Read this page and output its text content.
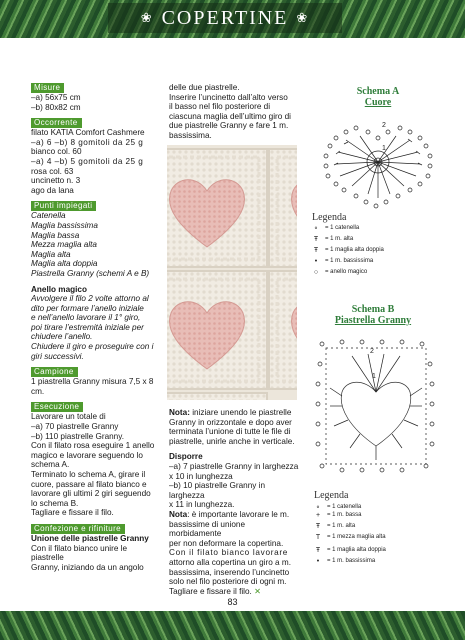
❀ COPERTINE ❀
Misure
–a) 56x75 cm
–b) 80x82 cm
Occorrente
filato KATIA Comfort Cashmere
–a) 6 –b) 8 gomitoli da 25 g
bianco col. 60
–a) 4 –b) 5 gomitoli da 25 g
rosa col. 63
uncinetto n. 3
ago da lana
Punti impiegati
Catenella
Maglia bassissima
Maglia bassa
Mezza maglia alta
Maglia alta
Maglia alta doppia
Piastrella Granny (schemi A e B)
Anello magico
Avvolgere il filo 2 volte attorno al
dito per formare l’anello iniziale
e nell’anello lavorare il 1° giro,
poi tirare l’estremità iniziale per
chiudere l’anello.
Chiudere il giro e proseguire con i
giri successivi.
Campione
1 piastrella Granny misura 7,5 x 8
cm.
Esecuzione
Lavorare un totale di
–a) 70 piastrelle Granny
–b) 110 piastrelle Granny.
Con il filato rosa eseguire 1 anello
magico e lavorare seguendo lo
schema A.
Terminato lo schema A, girare il
cuore, passare al filato bianco e
lavorare gli ultimi 2 giri seguendo
lo schema B.
Tagliare e fissare il filo.
Confezione e rifiniture
Unione delle piastrelle Granny
Con il filato bianco unire le piastrelle
Granny, iniziando da un angolo
delle due piastrelle.
Inserire l’uncinetto dall’alto verso
il basso nel filo posteriore di
ciascuna maglia dell’ultimo giro di
due piastrelle Granny e fare 1 m.
bassissima.
Nota: iniziare unendo le piastrelle
Granny in orizzontale e dopo aver
terminata l’unione di tutte le file di
piastrelle, unirle anche in verticale.
Disporre
–a) 7 piastrelle Granny in larghezza
x 10 in lunghezza
–b) 10 piastrelle Granny in larghezza
x 11 in lunghezza.
Nota: è importante lavorare le m.
bassissime di unione morbidamente
per non deformare la copertina.
Con il filato bianco lavorare
attorno alla copertina un giro a m.
bassissima, inserendo l’uncinetto
solo nel filo posteriore di ogni m.
Tagliare e fissare il filo. ✕
Schema A
Cuore
2
1
Legenda
∘	= 1 catenella
Ŧ	= 1 m. alta
Ŧ	= 1 maglia alta doppia
•	= 1 m. bassissima
○	= anello magico
Schema B
Piastrella Granny
2
1
Legenda
∘	= 1 catenella
+	= 1 m. bassa
Ŧ	= 1 m. alta
T	= 1 mezza maglia alta
Ŧ	= 1 maglia alta doppia
•	= 1 m. bassissima
83
